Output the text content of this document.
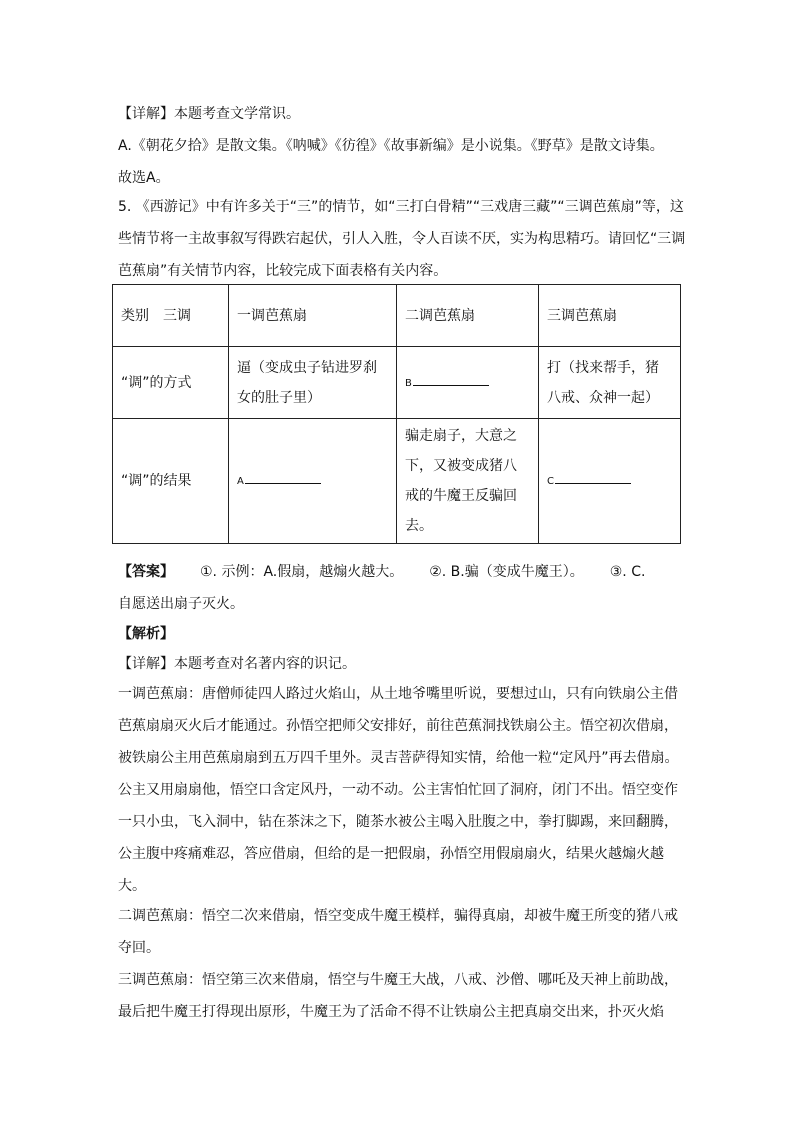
【详解】本题考查文学常识。

A.《朝花夕拾》是散文集。《呐喊》《彷徨》《故事新编》是小说集。《野草》是散文诗集。

故选A。

5. 《西游记》中有许多关于“三”的情节，如“三打白骨精”“三戏唐三藏”“三调芭蕉扇”等，这些情节将一主故事叙写得跌宕起伏，引人入胜，令人百读不厌，实为构思精巧。请回忆“三调芭蕉扇”有关情节内容，比较完成下面表格有关内容。

类别　三调	一调芭蕉扇	二调芭蕉扇	三调芭蕉扇
“调”的方式	逼（变成虫子钻进罗刹女的肚子里）	B	打（找来帮手，猪八戒、众神一起）
“调”的结果	A	骗走扇子，大意之下，又被变成猪八戒的牛魔王反骗回去。	C

【答案】 ①. 示例：A.假扇，越煽火越大。 ②. B.骗（变成牛魔王）。 ③. C.

自愿送出扇子灭火。

【解析】

【详解】本题考查对名著内容的识记。

一调芭蕉扇：唐僧师徒四人路过火焰山，从土地爷嘴里听说，要想过山，只有向铁扇公主借芭蕉扇扇灭火后才能通过。孙悟空把师父安排好，前往芭蕉洞找铁扇公主。悟空初次借扇，被铁扇公主用芭蕉扇扇到五万四千里外。灵吉菩萨得知实情，给他一粒“定风丹”再去借扇。公主又用扇扇他，悟空口含定风丹，一动不动。公主害怕忙回了洞府，闭门不出。悟空变作一只小虫，飞入洞中，钻在茶沫之下，随茶水被公主喝入肚腹之中，拳打脚踢，来回翻腾，公主腹中疼痛难忍，答应借扇，但给的是一把假扇，孙悟空用假扇扇火，结果火越煽火越大。

二调芭蕉扇：悟空二次来借扇，悟空变成牛魔王模样，骗得真扇，却被牛魔王所变的猪八戒夺回。

三调芭蕉扇：悟空第三次来借扇，悟空与牛魔王大战，八戒、沙僧、哪吒及天神上前助战，最后把牛魔王打得现出原形，牛魔王为了活命不得不让铁扇公主把真扇交出来，扑灭火焰
